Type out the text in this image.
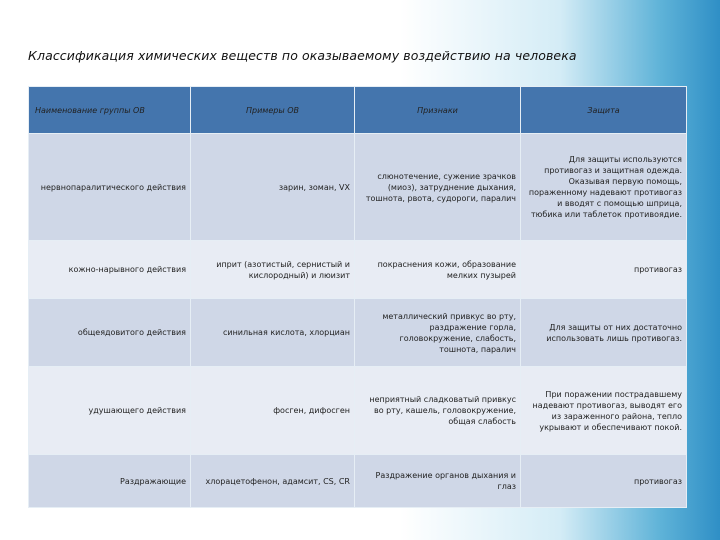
Классификация химических веществ по оказываемому воздействию на человека
Наименование группы ОВ	Примеры ОВ	Признаки	Защита
нервнопаралитического действия	зарин, зоман, VX	слюнотечение, сужение зрачков (миоз), затруднение дыхания, тошнота, рвота, судороги, паралич	Для защиты используются противогаз и защитная одежда. Оказывая первую помощь, пораженному надевают противогаз и вводят с помощью шприца, тюбика или таблеток противоядие.
кожно-нарывного действия	иприт (азотистый, сернистый и кислородный) и люизит	покраснения кожи, образование мелких пузырей	противогаз
общеядовитого действия	синильная кислота, хлорциан	металлический привкус во рту, раздражение горла, головокружение, слабость, тошнота, паралич	Для защиты от них достаточно использовать лишь противогаз.
удушающего действия	фосген, дифосген	неприятный сладковатый привкус во рту, кашель, головокружение, общая слабость	При поражении пострадавшему надевают противогаз, выводят его из зараженного района, тепло укрывают и обеспечивают покой.
Раздражающие	хлорацетофенон, адамсит, CS, CR	Раздражение органов дыхания и глаз	противогаз
